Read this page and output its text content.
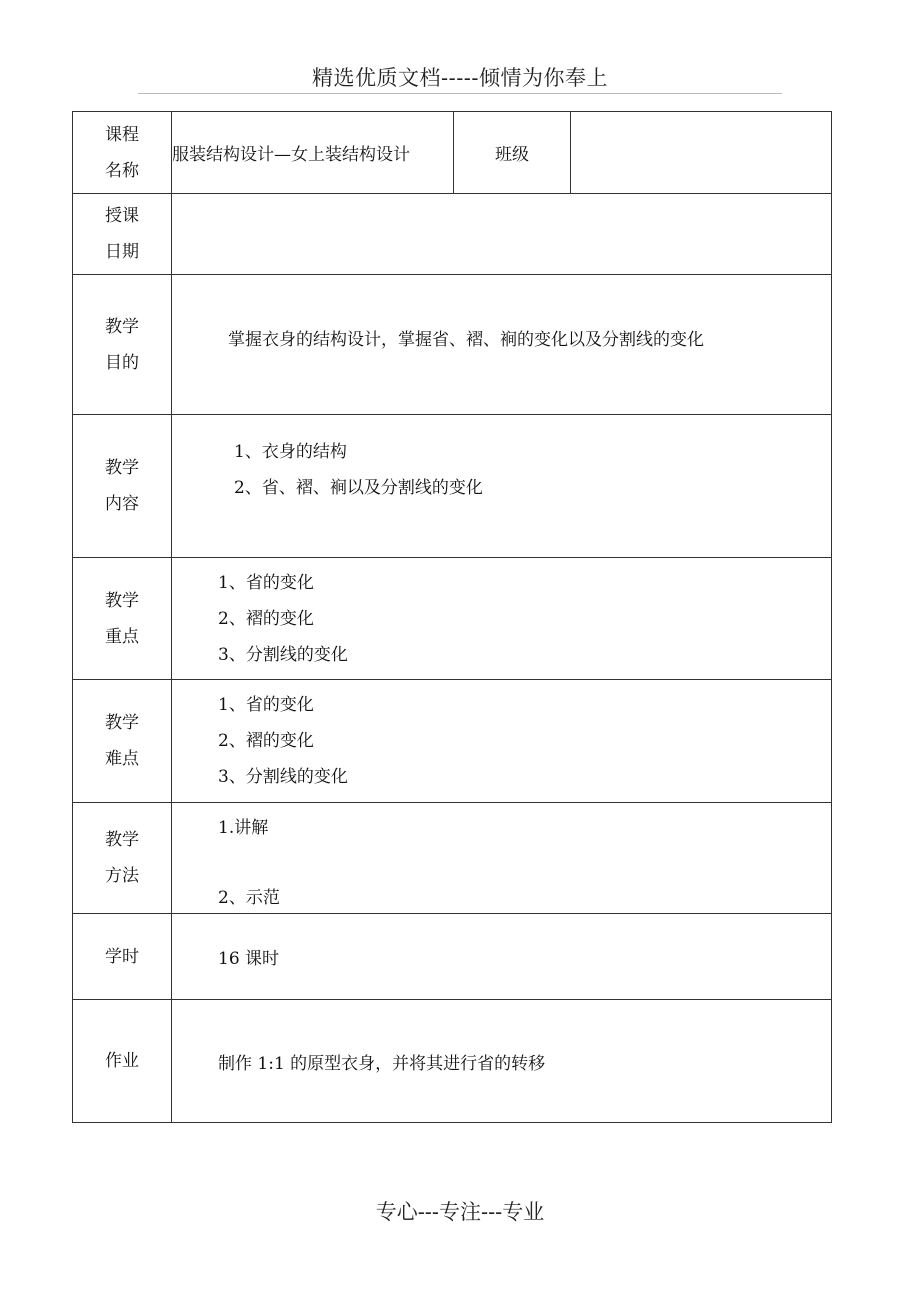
精选优质文档-----倾情为你奉上
课程名称	服装结构设计—女上装结构设计	班级	
授课日期			
教学目的	掌握衣身的结构设计，掌握省、褶、裥的变化以及分割线的变化		

教学内容	1、衣身的结构
2、省、褶、裥以及分割线的变化		

教学重点	1、省的变化
2、褶的变化
3、分割线的变化		

教学难点	1、省的变化
2、褶的变化
3、分割线的变化		

教学方法	1.讲解
2、示范		

学时	16 课时		

作业	制作 1:1 的原型衣身，并将其进行省的转移		
专心---专注---专业
